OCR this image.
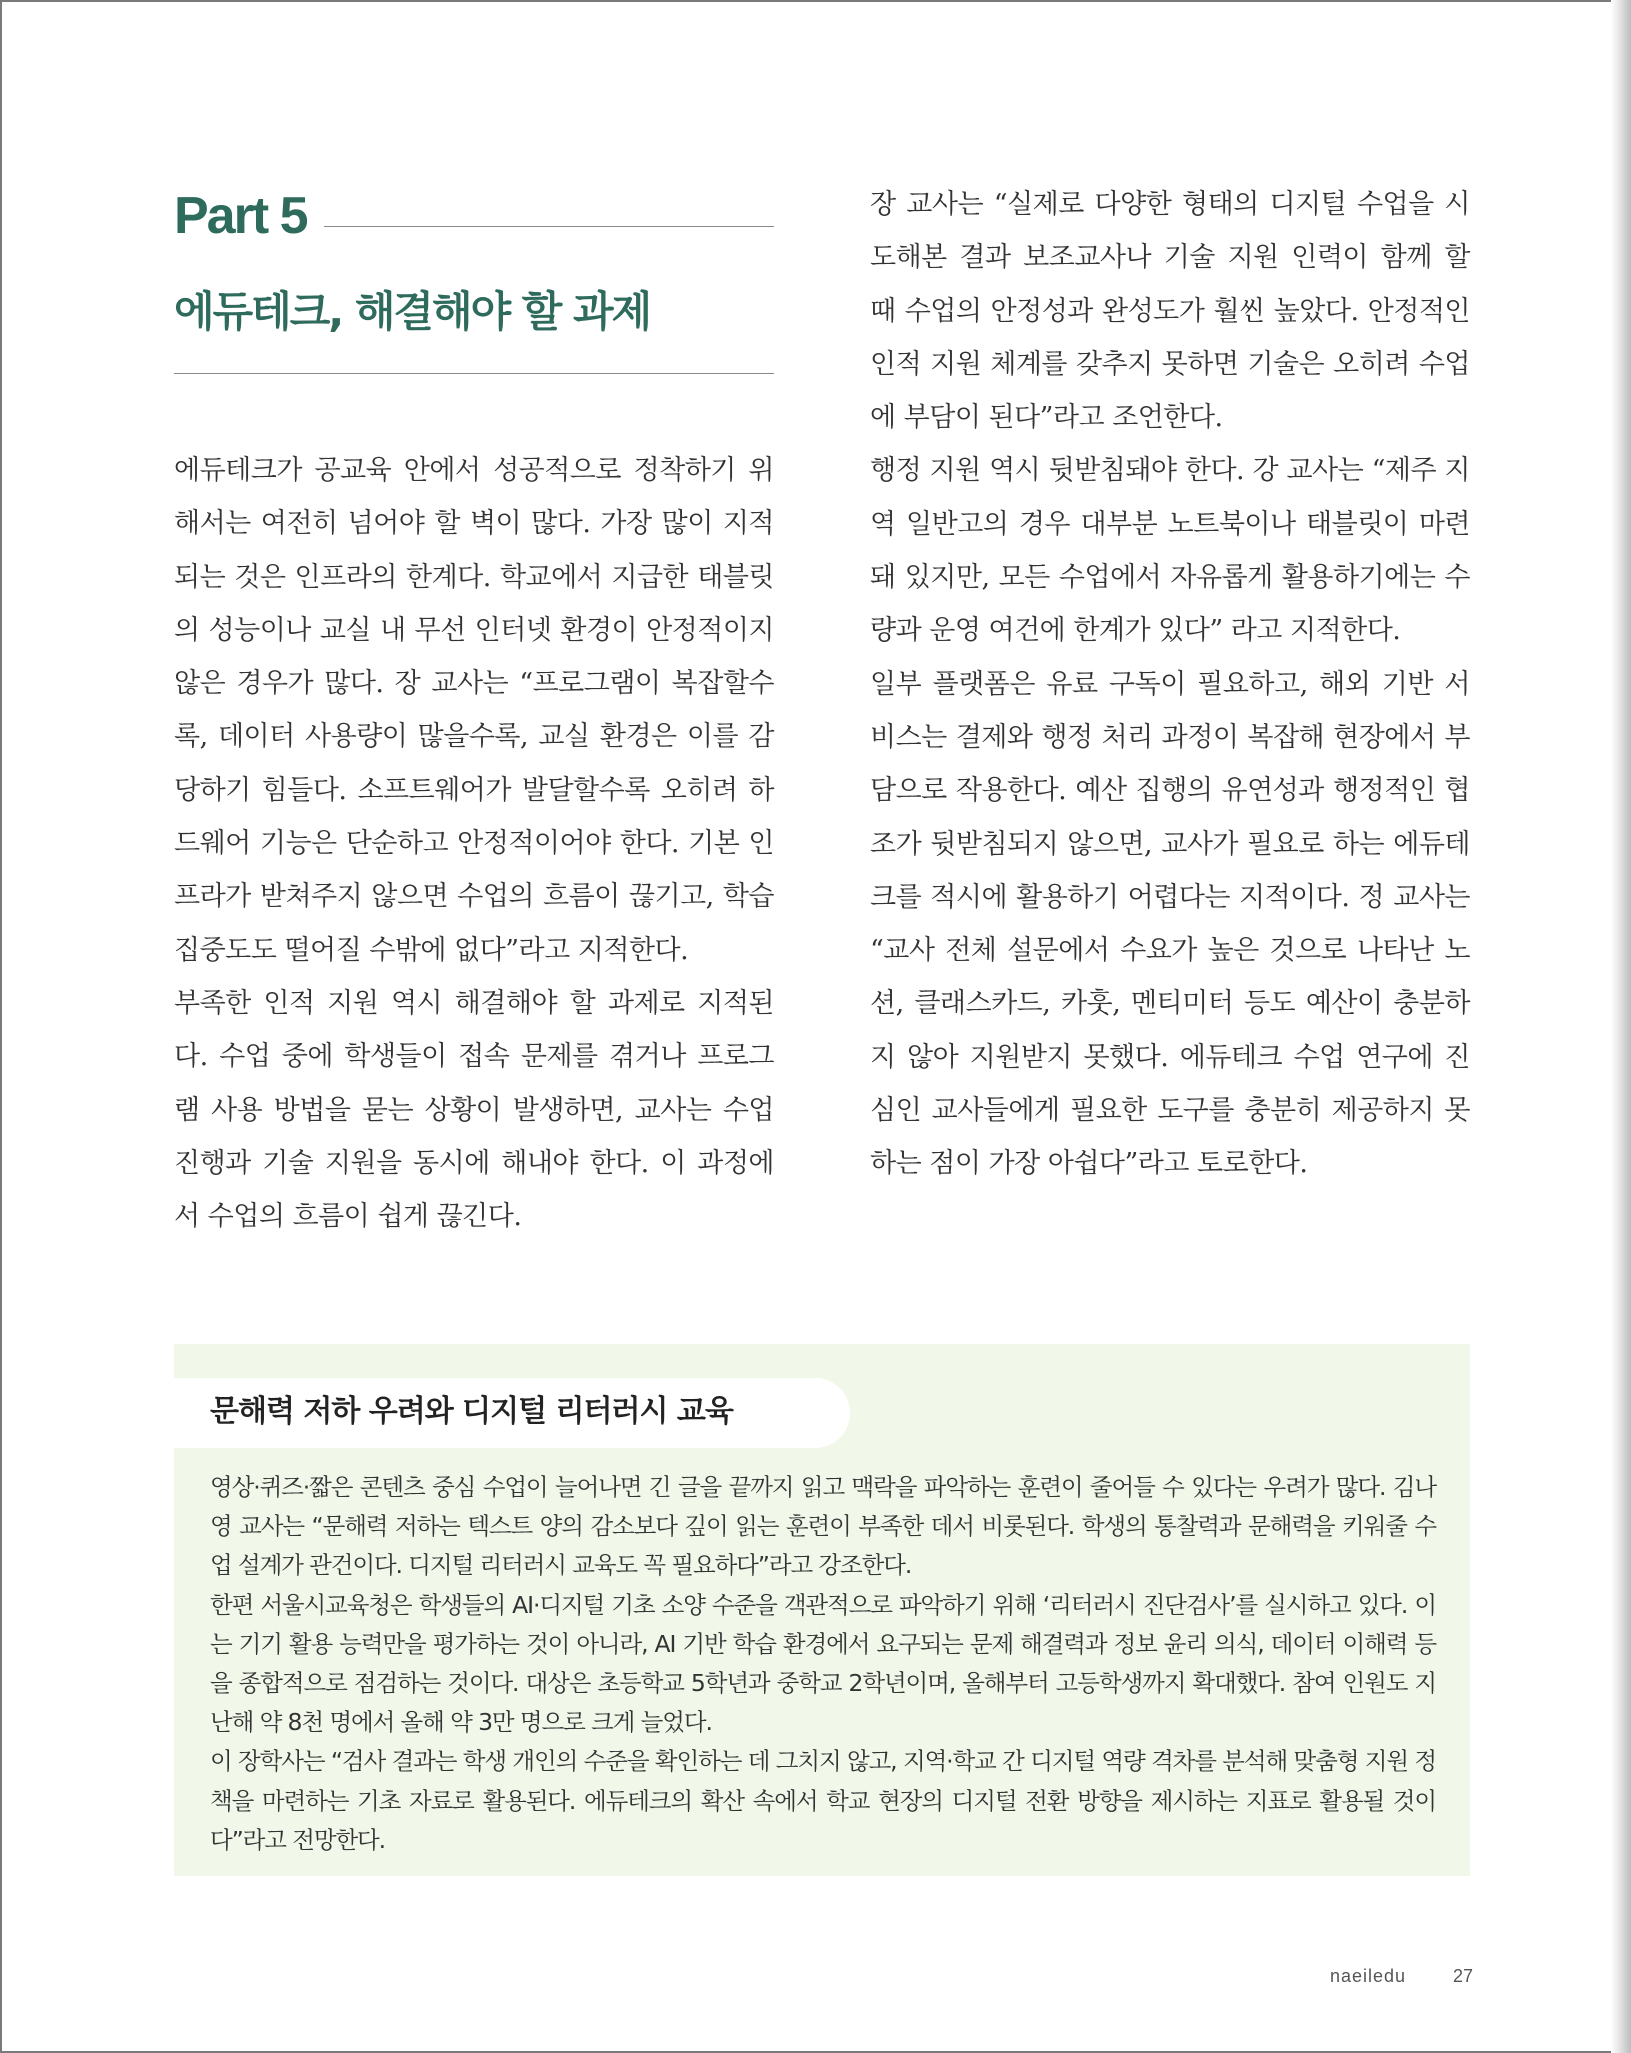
Part 5
에듀테크, 해결해야 할 과제

에듀테크가 공교육 안에서 성공적으로 정착하기 위해서는 여전히 넘어야 할 벽이 많다. 가장 많이 지적되는 것은 인프라의 한계다. 학교에서 지급한 태블릿의 성능이나 교실 내 무선 인터넷 환경이 안정적이지 않은 경우가 많다. 장 교사는 “프로그램이 복잡할수록, 데이터 사용량이 많을수록, 교실 환경은 이를 감당하기 힘들다. 소프트웨어가 발달할수록 오히려 하드웨어 기능은 단순하고 안정적이어야 한다. 기본 인프라가 받쳐주지 않으면 수업의 흐름이 끊기고, 학습 집중도도 떨어질 수밖에 없다”라고 지적한다.

부족한 인적 지원 역시 해결해야 할 과제로 지적된다. 수업 중에 학생들이 접속 문제를 겪거나 프로그램 사용 방법을 묻는 상황이 발생하면, 교사는 수업 진행과 기술 지원을 동시에 해내야 한다. 이 과정에서 수업의 흐름이 쉽게 끊긴다.

장 교사는 “실제로 다양한 형태의 디지털 수업을 시도해본 결과 보조교사나 기술 지원 인력이 함께 할 때 수업의 안정성과 완성도가 훨씬 높았다. 안정적인 인적 지원 체계를 갖추지 못하면 기술은 오히려 수업에 부담이 된다”라고 조언한다.

행정 지원 역시 뒷받침돼야 한다. 강 교사는 “제주 지역 일반고의 경우 대부분 노트북이나 태블릿이 마련돼 있지만, 모든 수업에서 자유롭게 활용하기에는 수량과 운영 여건에 한계가 있다” 라고 지적한다.

일부 플랫폼은 유료 구독이 필요하고, 해외 기반 서비스는 결제와 행정 처리 과정이 복잡해 현장에서 부담으로 작용한다. 예산 집행의 유연성과 행정적인 협조가 뒷받침되지 않으면, 교사가 필요로 하는 에듀테크를 적시에 활용하기 어렵다는 지적이다. 정 교사는 “교사 전체 설문에서 수요가 높은 것으로 나타난 노션, 클래스카드, 카훗, 멘티미터 등도 예산이 충분하지 않아 지원받지 못했다. 에듀테크 수업 연구에 진심인 교사들에게 필요한 도구를 충분히 제공하지 못하는 점이 가장 아쉽다”라고 토로한다.

문해력 저하 우려와 디지털 리터러시 교육

영상·퀴즈·짧은 콘텐츠 중심 수업이 늘어나면 긴 글을 끝까지 읽고 맥락을 파악하는 훈련이 줄어들 수 있다는 우려가 많다. 김나영 교사는 “문해력 저하는 텍스트 양의 감소보다 깊이 읽는 훈련이 부족한 데서 비롯된다. 학생의 통찰력과 문해력을 키워줄 수업 설계가 관건이다. 디지털 리터러시 교육도 꼭 필요하다”라고 강조한다.

한편 서울시교육청은 학생들의 AI·디지털 기초 소양 수준을 객관적으로 파악하기 위해 ‘리터러시 진단검사’를 실시하고 있다. 이는 기기 활용 능력만을 평가하는 것이 아니라, AI 기반 학습 환경에서 요구되는 문제 해결력과 정보 윤리 의식, 데이터 이해력 등을 종합적으로 점검하는 것이다. 대상은 초등학교 5학년과 중학교 2학년이며, 올해부터 고등학생까지 확대했다. 참여 인원도 지난해 약 8천 명에서 올해 약 3만 명으로 크게 늘었다.

이 장학사는 “검사 결과는 학생 개인의 수준을 확인하는 데 그치지 않고, 지역·학교 간 디지털 역량 격차를 분석해 맞춤형 지원 정책을 마련하는 기초 자료로 활용된다. 에듀테크의 확산 속에서 학교 현장의 디지털 전환 방향을 제시하는 지표로 활용될 것이다”라고 전망한다.

naeiledu	27
